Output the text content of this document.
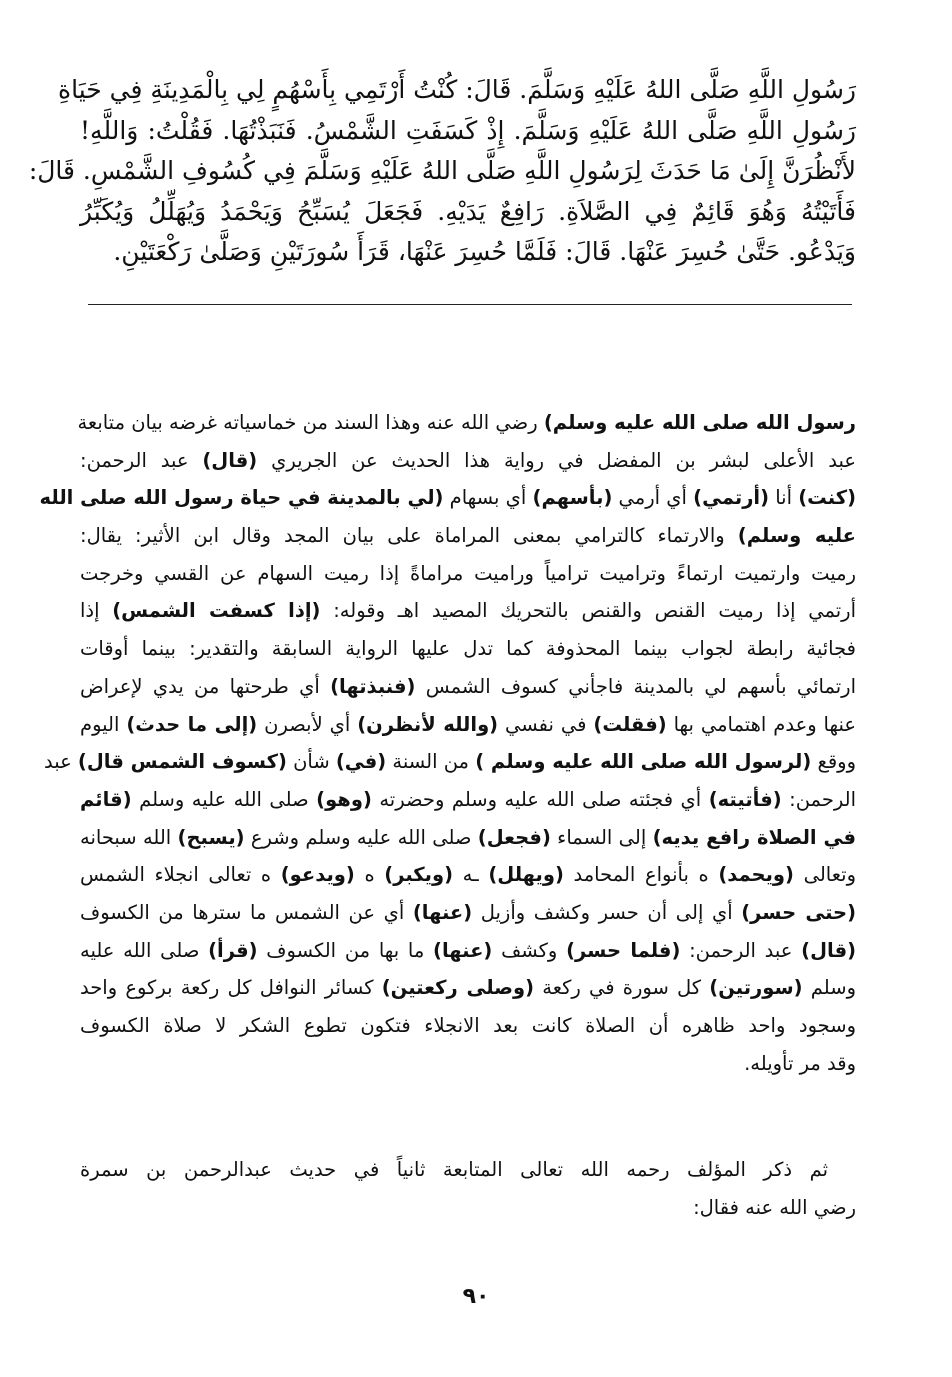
رَسُولِ اللَّهِ صَلَّى اللهُ عَلَيْهِ وَسَلَّمَ. قَالَ: كُنْتُ أَرْتَمِي بِأَسْهُمٍ لِي بِالْمَدِينَةِ فِي حَيَاةِ
رَسُولِ اللَّهِ صَلَّى اللهُ عَلَيْهِ وَسَلَّمَ. إِذْ كَسَفَتِ الشَّمْسُ. فَنَبَذْتُهَا. فَقُلْتُ: وَاللَّهِ!
لأَنْظُرَنَّ إِلَىٰ مَا حَدَثَ لِرَسُولِ اللَّهِ صَلَّى اللهُ عَلَيْهِ وَسَلَّمَ فِي كُسُوفِ الشَّمْسِ. قَالَ:
فَأَتَيْتُهُ وَهُوَ قَائِمٌ فِي الصَّلاَةِ. رَافِعٌ يَدَيْهِ. فَجَعَلَ يُسَبِّحُ وَيَحْمَدُ وَيُهَلِّلُ وَيُكَبِّرُ
وَيَدْعُو. حَتَّىٰ حُسِرَ عَنْهَا. قَالَ: فَلَمَّا حُسِرَ عَنْهَا، قَرَأَ سُورَتَيْنِ وَصَلَّىٰ رَكْعَتَيْنِ.
رسول الله صلى الله عليه وسلم) رضي الله عنه وهذا السند من خماسياته غرضه بيان متابعة
عبد الأعلى لبشر بن المفضل في رواية هذا الحديث عن الجريري (قال) عبد الرحمن:
(كنت) أنا (أرتمي) أي أرمي (بأسهم) أي بسهام (لي بالمدينة في حياة رسول الله صلى الله
عليه وسلم) والارتماء كالترامي بمعنى المراماة على بيان المجد وقال ابن الأثير: يقال:
رميت وارتميت ارتماءً وترامیت ترامياً وراميت مراماةً إذا رميت السهام عن القسي وخرجت
أرتمي إذا رميت القنص والقنص بالتحريك المصيد اهـ وقوله: (إذا كسفت الشمس) إذا
فجائية رابطة لجواب بينما المحذوفة كما تدل عليها الرواية السابقة والتقدير: بينما أوقات
ارتمائي بأسهم لي بالمدينة فاجأني كسوف الشمس (فنبذتها) أي طرحتها من يدي لإعراض
عنها وعدم اهتمامي بها (فقلت) في نفسي (والله لأنظرن) أي لأبصرن (إلى ما حدث) اليوم
ووقع (لرسول الله صلى الله عليه وسلم ) من السنة (في) شأن (كسوف الشمس قال) عبد
الرحمن: (فأتيته) أي فجئته صلى الله عليه وسلم وحضرته (وهو) صلى الله عليه وسلم (قائم
في الصلاة رافع يديه) إلى السماء (فجعل) صلى الله عليه وسلم وشرع (يسبح) الله سبحانه
وتعالى (ويحمد) ه بأنواع المحامد (ويهلل) ـه (ويكبر) ه (ويدعو) ه تعالى انجلاء الشمس
(حتى حسر) أي إلى أن حسر وكشف وأزيل (عنها) أي عن الشمس ما سترها من الكسوف
(قال) عبد الرحمن: (فلما حسر) وكشف (عنها) ما بها من الكسوف (قرأ) صلى الله عليه
وسلم (سورتين) كل سورة في ركعة (وصلى ركعتين) كسائر النوافل كل ركعة بركوع واحد
وسجود واحد ظاهره أن الصلاة كانت بعد الانجلاء فتكون تطوع الشكر لا صلاة الكسوف
وقد مر تأويله.
ثم ذكر المؤلف رحمه الله تعالى المتابعة ثانياً في حديث عبدالرحمن بن سمرة
رضي الله عنه فقال:
٩٠
